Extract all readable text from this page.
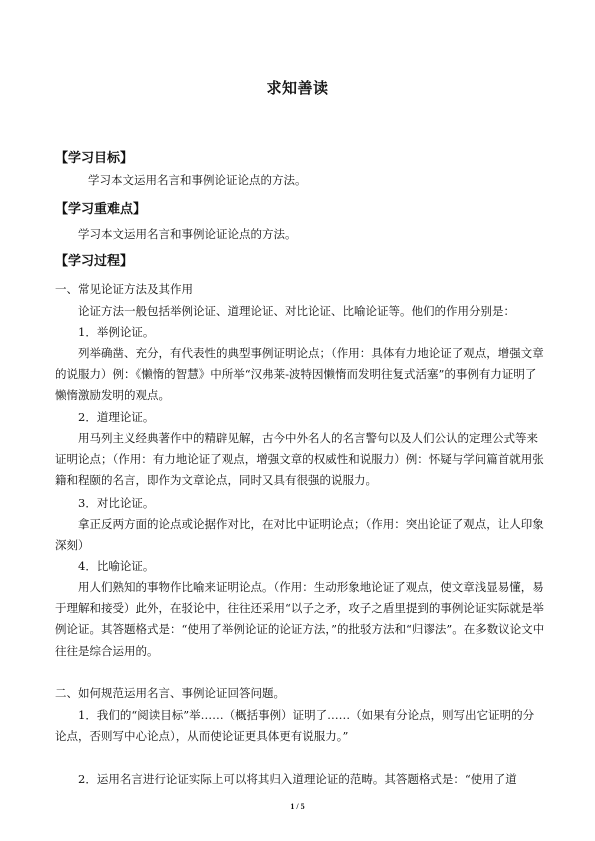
求知善读
【学习目标】

学习本文运用名言和事例论证论点的方法。

【学习重难点】

学习本文运用名言和事例论证论点的方法。

【学习过程】

一、常见论证方法及其作用

论证方法一般包括举例论证、道理论证、对比论证、比喻论证等。他们的作用分别是：

1．举例论证。

列举确凿、充分，有代表性的典型事例证明论点；（作用：具体有力地论证了观点，增强文章的说服力）例：《懒惰的智慧》中所举“汉弗莱-波特因懒惰而发明往复式活塞”的事例有力证明了懒惰激励发明的观点。

2．道理论证。

用马列主义经典著作中的精辟见解，古今中外名人的名言警句以及人们公认的定理公式等来证明论点；（作用：有力地论证了观点，增强文章的权威性和说服力）例：怀疑与学问篇首就用张籍和程颐的名言，即作为文章论点，同时又具有很强的说服力。

3．对比论证。

拿正反两方面的论点或论据作对比，在对比中证明论点；（作用：突出论证了观点，让人印象深刻）

4．比喻论证。

用人们熟知的事物作比喻来证明论点。（作用：生动形象地论证了观点，使文章浅显易懂，易于理解和接受）此外，在驳论中，往往还采用“以子之矛，攻子之盾里提到的事例论证实际就是举例论证。其答题格式是：“使用了举例论证的论证方法，”的批驳方法和“归谬法”。在多数议论文中往往是综合运用的。

二、如何规范运用名言、事例论证回答问题。

1．我们的“阅读目标”举……（概括事例）证明了……（如果有分论点，则写出它证明的分论点，否则写中心论点），从而使论证更具体更有说服力。”

2．运用名言进行论证实际上可以将其归入道理论证的范畴。其答题格式是：“使用了道

1 / 5
